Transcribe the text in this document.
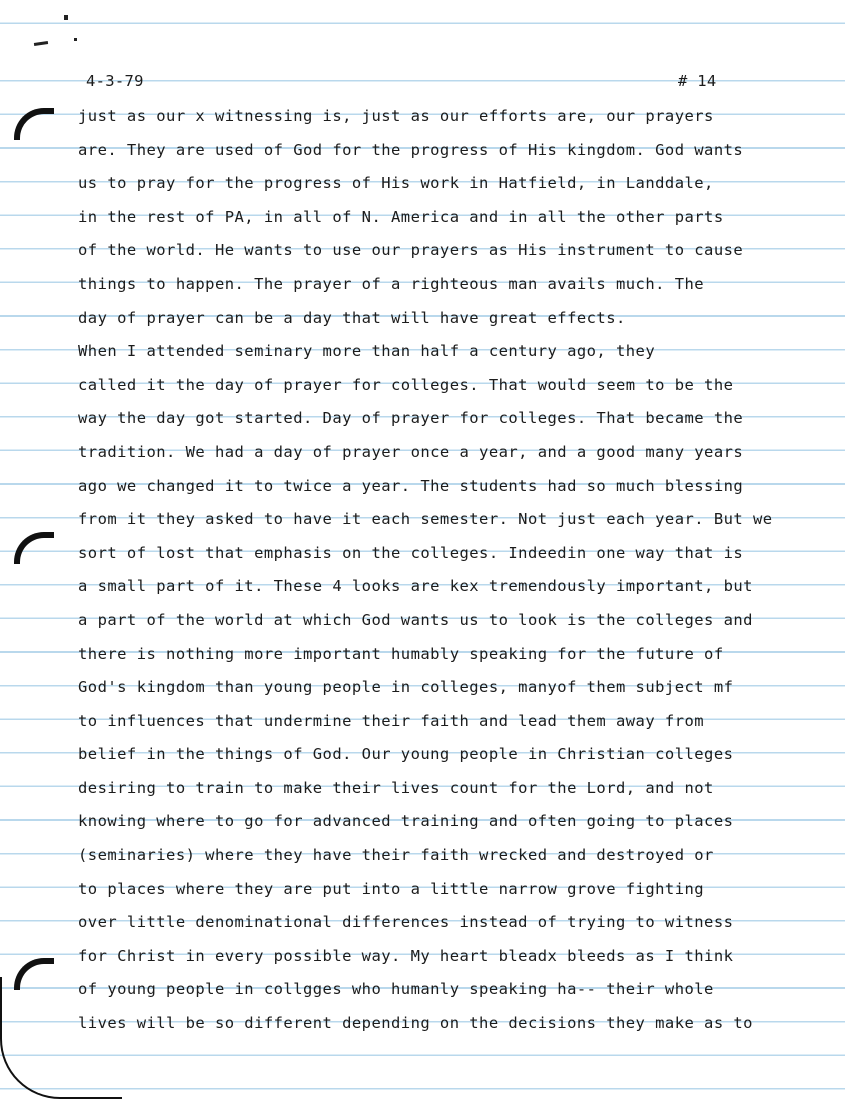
4-3-79	# 14
just as our x witnessing is, just as our efforts are, our prayers
are. They are used of God for the progress of His kingdom. God wants
us to pray for the progress of His work in Hatfield, in Landdale,
in the rest of PA, in all of N. America and in all the other parts
of the world. He wants to use our prayers as His instrument to cause
things to happen. The prayer of a righteous man avails much. The
day of prayer can be a day that will have great effects.
When I attended seminary more than half a century ago, they
called it the day of prayer for colleges. That would seem to be the
way the day got started. Day of prayer for colleges. That became the
tradition. We had a day of prayer once a year, and a good many years
ago we changed it to twice a year. The students had so much blessing
from it they asked to have it each semester. Not just each year. But we
sort of lost that emphasis on the colleges. Indeedin one way that is
a small part of it. These 4 looks are kex tremendously important, but
a part of the world at which God wants us to look is the colleges and
there is nothing more important humably speaking for the future of
God's kingdom than young people in colleges, manyof them subject mf
to influences that undermine their faith and lead them away from
belief in the things of God. Our young people in Christian colleges
desiring to train to make their lives count for the Lord, and not
knowing where to go for advanced training and often going to places
(seminaries) where they have their faith wrecked and destroyed or
to places where they are put into a little narrow grove fighting
over little denominational differences instead of trying to witness
for Christ in every possible way. My heart bleadx bleeds as I think
of young people in collgges who humanly speaking ha-- their whole
lives will be so different depending on the decisions they make as to
